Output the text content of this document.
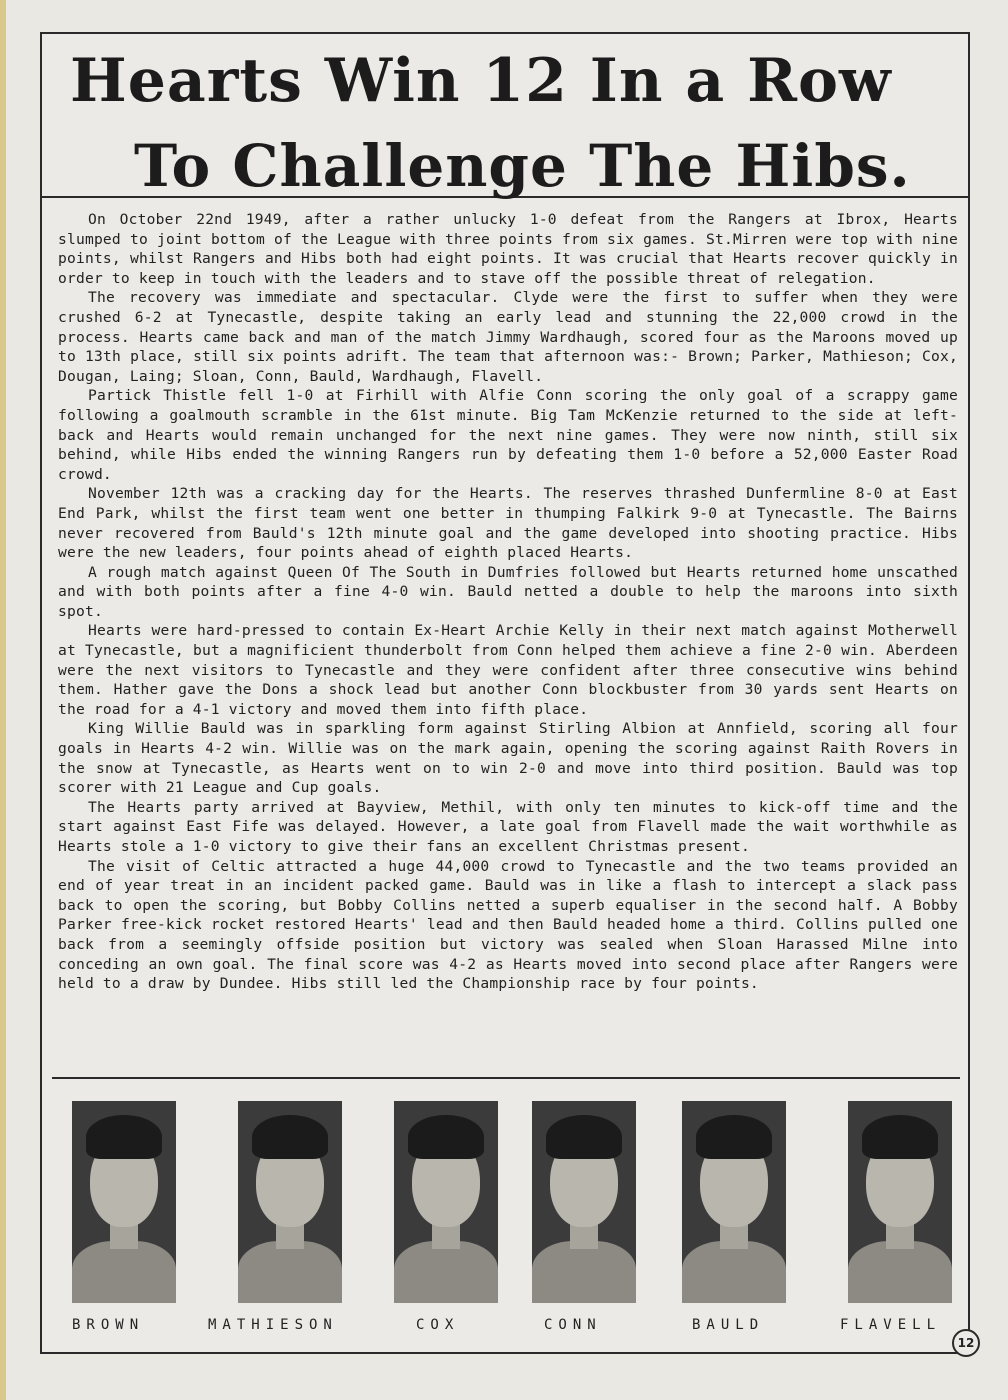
Hearts Win 12 In a Row
To Challenge The Hibs.

On October 22nd 1949, after a rather unlucky 1-0 defeat from the Rangers at Ibrox, Hearts slumped to joint bottom of the League with three points from six games. St.Mirren were top with nine points, whilst Rangers and Hibs both had eight points. It was crucial that Hearts recover quickly in order to keep in touch with the leaders and to stave off the possible threat of relegation.

The recovery was immediate and spectacular. Clyde were the first to suffer when they were crushed 6-2 at Tynecastle, despite taking an early lead and stunning the 22,000 crowd in the process. Hearts came back and man of the match Jimmy Wardhaugh, scored four as the Maroons moved up to 13th place, still six points adrift. The team that afternoon was:- Brown; Parker, Mathieson; Cox, Dougan, Laing; Sloan, Conn, Bauld, Wardhaugh, Flavell.

Partick Thistle fell 1-0 at Firhill with Alfie Conn scoring the only goal of a scrappy game following a goalmouth scramble in the 61st minute. Big Tam McKenzie returned to the side at left-back and Hearts would remain unchanged for the next nine games. They were now ninth, still six behind, while Hibs ended the winning Rangers run by defeating them 1-0 before a 52,000 Easter Road crowd.

November 12th was a cracking day for the Hearts. The reserves thrashed Dunfermline 8-0 at East End Park, whilst the first team went one better in thumping Falkirk 9-0 at Tynecastle. The Bairns never recovered from Bauld's 12th minute goal and the game developed into shooting practice. Hibs were the new leaders, four points ahead of eighth placed Hearts.

A rough match against Queen Of The South in Dumfries followed but Hearts returned home unscathed and with both points after a fine 4-0 win. Bauld netted a double to help the maroons into sixth spot.

Hearts were hard-pressed to contain Ex-Heart Archie Kelly in their next match against Motherwell at Tynecastle, but a magnificient thunderbolt from Conn helped them achieve a fine 2-0 win. Aberdeen were the next visitors to Tynecastle and they were confident after three consecutive wins behind them. Hather gave the Dons a shock lead but another Conn blockbuster from 30 yards sent Hearts on the road for a 4-1 victory and moved them into fifth place.

King Willie Bauld was in sparkling form against Stirling Albion at Annfield, scoring all four goals in Hearts 4-2 win. Willie was on the mark again, opening the scoring against Raith Rovers in the snow at Tynecastle, as Hearts went on to win 2-0 and move into third position. Bauld was top scorer with 21 League and Cup goals.

The Hearts party arrived at Bayview, Methil, with only ten minutes to kick-off time and the start against East Fife was delayed. However, a late goal from Flavell made the wait worthwhile as Hearts stole a 1-0 victory to give their fans an excellent Christmas present.

The visit of Celtic attracted a huge 44,000 crowd to Tynecastle and the two teams provided an end of year treat in an incident packed game. Bauld was in like a flash to intercept a slack pass back to open the scoring, but Bobby Collins netted a superb equaliser in the second half. A Bobby Parker free-kick rocket restored Hearts' lead and then Bauld headed home a third. Collins pulled one back from a seemingly offside position but victory was sealed when Sloan Harassed Milne into conceding an own goal. The final score was 4-2 as Hearts moved into second place after Rangers were held to a draw by Dundee. Hibs still led the Championship race by four points.

BROWN	MATHIESON	COX	CONN	BAULD	FLAVELL
12
